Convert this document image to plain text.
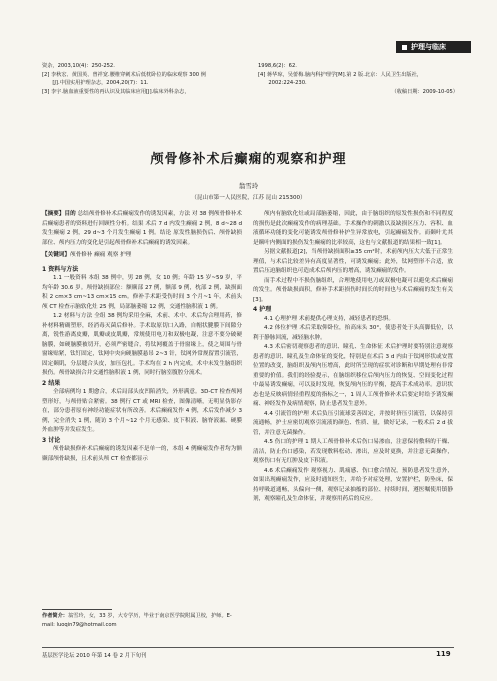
护理与临床
资杂，2003,10(4)：250-252.
[2] 李秋宏、黄国英、曾祥宽.腰椎穿刺术后低枕卧位的临床观察 300 例
　　[J].中国实用护理杂志，2004,20(7)：11.
[3] 李宇.脑血液重要性的再认识及其临床应用[J].临床外科杂志，
1998,6(2)：62.
[4] 蒋华琼，吴蕾梅.脑内科护理学[M].第 2 版.北京：人民卫生出版社，
　　2002:224-230.
（收稿日期：2009-10-05）
颅骨修补术后癫痫的观察和护理
翁雪玲
（昆山市第一人民医院，江苏 昆山 215300）
【摘要】目的 总结颅骨修补术后癫痫发作的诱发因素，方法 对 38 例颅骨修补术后癫痫患者的资料进行回顾性分析。结果 术后 7 d 内发生癫痫 2 例，8 d~28 d 发生癫痫 2 例，29 d~3 个月发生癫痫 1 例。结论 原发性脑损伤后、颅骨缺损部位、颅内压力的变化是引起颅骨修补术后癫痫的诱发因素。
【关键词】颅骨修补 癫痫 观察 护理
1 资料与方法
1.1 一般资料 本组 38 例中，男 28 例，女 10 例；年龄 15 岁~59 岁，平均年龄 30.6 岁。颅骨缺损部位：额颞部 27 例，额部 9 例，枕部 2 例，缺损面积 2 cm×3 cm~13 cm×15 cm。修补手术距受伤时间 3 个月~1 年，术前头颅 CT 检查示脑软化灶 25 例，局部脑萎缩 12 例，交通性脑积液 1 例。
1.2 材料与方法 全组 38 例均采用全麻，术前、术中、术后均合理用药，修补材料精确塑形，经消毒灭菌后修补。手术取原切口入路，自帽状腱膜下间隙分离，锐性游离皮瓣，肌瓣或皮肌瓣，常规使用电刀和双极电凝，注意不要分破硬脑膜，如硬脑膜被切开，必须严密缝合，将钛网覆盖于骨窗缘上，使之周围与骨窗缘贴紧，钛钉固定，钛网中央向硬脑膜悬吊 2~3 针，钛网外常规留置引流管，固定颞肌，分层缝合头皮，加压包扎。手术均在 2 h 内完成，术中未发生脑组织损伤。颅骨缺损合并交通性脑积液 1 例，同时行脑室腹腔分流术。
2 结果
全部病例均 1 期愈合，术后局部头皮凹陷消失，外形满意。3D-CT 检查颅网塑形好，与颅骨贴合紧密。38 例行 CT 或 MRI 检查，图像清晰，无明显伪影存在，部分患者原有神经功能症状有所改善。术后癫痫发作 4 例，术后发作减少 3 例，完全消失 1 例，随访 3 个月~12 个月无感染、皮下积液、脑脊液漏、硬膜外血肿等并发症发生。
3 讨论
颅骨缺损修补术后癫痫的诱发因素不是单一的，本组 4 例癫痫发作者均为额颞部颅骨缺损，且术前头颅 CT 检查都显示
作者简介：翁雪玲，女，33 岁，大专学历，毕业于南京医学院附属卫校，护师。E-mail: luoqin79@hotmail.com
颅内有脑软化灶或局部脑萎缩，因此，由于脑组织的原发性损伤和不同程度的损伤是此次癫痫发作的病理基础。手术操作的刺激以及缺损区压力、容积、血液循环功能的变化可能诱发颅骨修补护生异常放电，引起癫痫发作。而颞叶尤其是颞叶内侧面的损伤发生癫痫的比率较高，这也与文献报道的结果相一致[1]。
另据文献报道[2]，当颅骨缺损面积≥35 cm²时，术前颅内压大大低于正常生理值，与术后比较差异有高度显著性，可诱发癫痫；此外，钛网塑形不合适，放置后压迫脑组织也可造成术后颅内压的增高，诱发癫痫的发作。
而手术过程中不损伤脑组织，合理地使用电刀或双极电凝可以避免术后癫痫的发生。颅骨缺损面积，修补手术距损伤时间长的时间也与术后癫痫的发生有关[3]。
4 护理
4.1 心理护理 术前提供心理支持，减轻患者的恐惧。
4.2 体位护理 术后采取仰卧位，抬高床头 30°，使患者处于头高脚低位，以利于静脉回流，减轻脑水肿。
4.3 术后密切观察患者的意识、瞳孔、生命体征 术后护理时要特别注意观察患者的意识、瞳孔及生命体征的变化，特别是在术后 3 d 内由于钛网形状或安置位置的改变，脑组织及颅内压增高，此时所呈现的症状对诊断和早期处理有非常重要的价值。我们的经验提示，在脑组织移位后颅内压力的恢复、空间变化过程中最易诱发癫痫，可以及时发现，恢复颅内压的平衡，提高手术成功率。意识状态也是反映病情轻重程度的指标之一，1 周人工颅骨修补术后要定时给予诱发癫痫、神经发作及病情观察，防止患者发生意外。
4.4 引流管的护理 术后负压引流球妥善固定，并按时挤压引流管，以保持引流通畅，护士应密切观察引流液的颜色、性质、量，做好记录，一般术后 2 d 拔管，并注意无菌操作。
4.5 伤口的护理 1 期人工颅骨修补术后伤口易渗血，注意保持敷料的干燥、清洁，防止伤口感染，若发现敷料松动、渗出，应及时更换，并注意无菌操作，观察伤口有无红肿及皮下积液。
4.6 术后癫痫发作 观察视力、肌痛感、伤口愈合情况，预防患者发生意外，如果出现癫痫发作，应及时通知医生，并给予对症处理，安置护栏，防坠床，保持呼吸道通畅，头偏向一侧，观察记录抽搐的部位、持续时间，遵医嘱使用镇静剂，观察瞳孔及生命体征，并观察用药后的反应。
基层医学论坛 2010 年第 14 卷 2 月下旬刊	119
